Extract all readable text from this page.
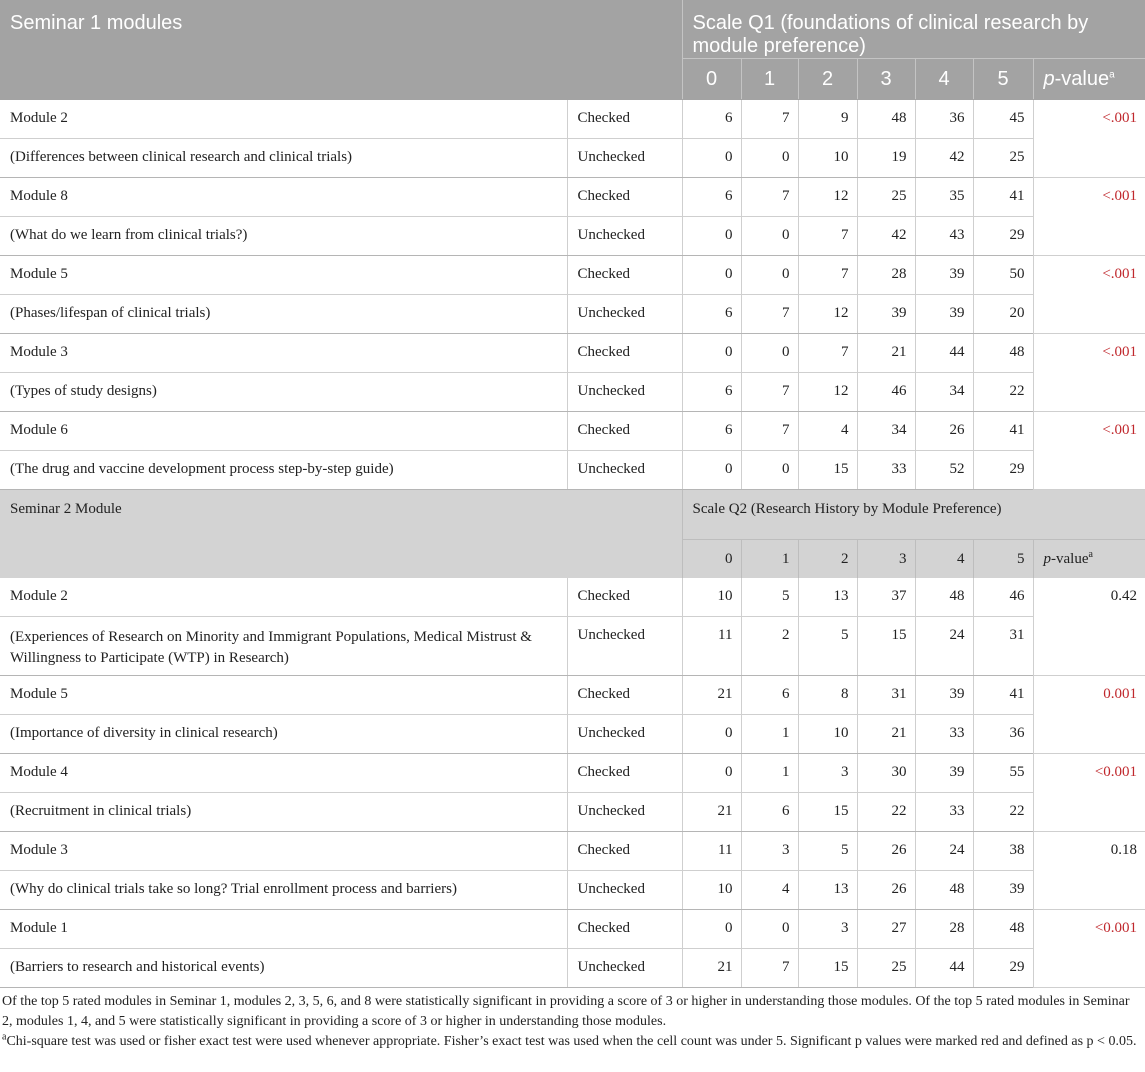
Seminar 1 modules		Scale Q1 (foundations of clinical research by module preference)						
		0	1	2	3	4	5	p-value$^a$
Module 2	Checked	6	7	9	48	36	45	<.001
(Differences between clinical research and clinical trials)	Unchecked	0	0	10	19	42	25	
Module 8	Checked	6	7	12	25	35	41	<.001
(What do we learn from clinical trials?)	Unchecked	0	0	7	42	43	29	
Module 5	Checked	0	0	7	28	39	50	<.001
(Phases/lifespan of clinical trials)	Unchecked	6	7	12	39	39	20	
Module 3	Checked	0	0	7	21	44	48	<.001
(Types of study designs)	Unchecked	6	7	12	46	34	22	
Module 6	Checked	6	7	4	34	26	41	<.001
(The drug and vaccine development process step-by-step guide)	Unchecked	0	0	15	33	52	29	
Seminar 2 Module		Scale Q2 (Research History by Module Preference)						
		0	1	2	3	4	5	p-value$^a$
Module 2	Checked	10	5	13	37	48	46	0.42
(Experiences of Research on Minority and Immigrant Populations, Medical Mistrust & Willingness to Participate (WTP) in Research)	Unchecked	11	2	5	15	24	31	
Module 5	Checked	21	6	8	31	39	41	0.001
(Importance of diversity in clinical research)	Unchecked	0	1	10	21	33	36	
Module 4	Checked	0	1	3	30	39	55	<0.001
(Recruitment in clinical trials)	Unchecked	21	6	15	22	33	22	
Module 3	Checked	11	3	5	26	24	38	0.18
(Why do clinical trials take so long? Trial enrollment process and barriers)	Unchecked	10	4	13	26	48	39	
Module 1	Checked	0	0	3	27	28	48	<0.001
(Barriers to research and historical events)	Unchecked	21	7	15	25	44	29	

Of the top 5 rated modules in Seminar 1, modules 2, 3, 5, 6, and 8 were statistically significant in providing a score of 3 or higher in understanding those modules. Of the top 5 rated modules in Seminar 2, modules 1, 4, and 5 were statistically significant in providing a score of 3 or higher in understanding those modules.

$^a$Chi-square test was used or fisher exact test were used whenever appropriate. Fisher’s exact test was used when the cell count was under 5. Significant p values were marked red and defined as p < 0.05.
